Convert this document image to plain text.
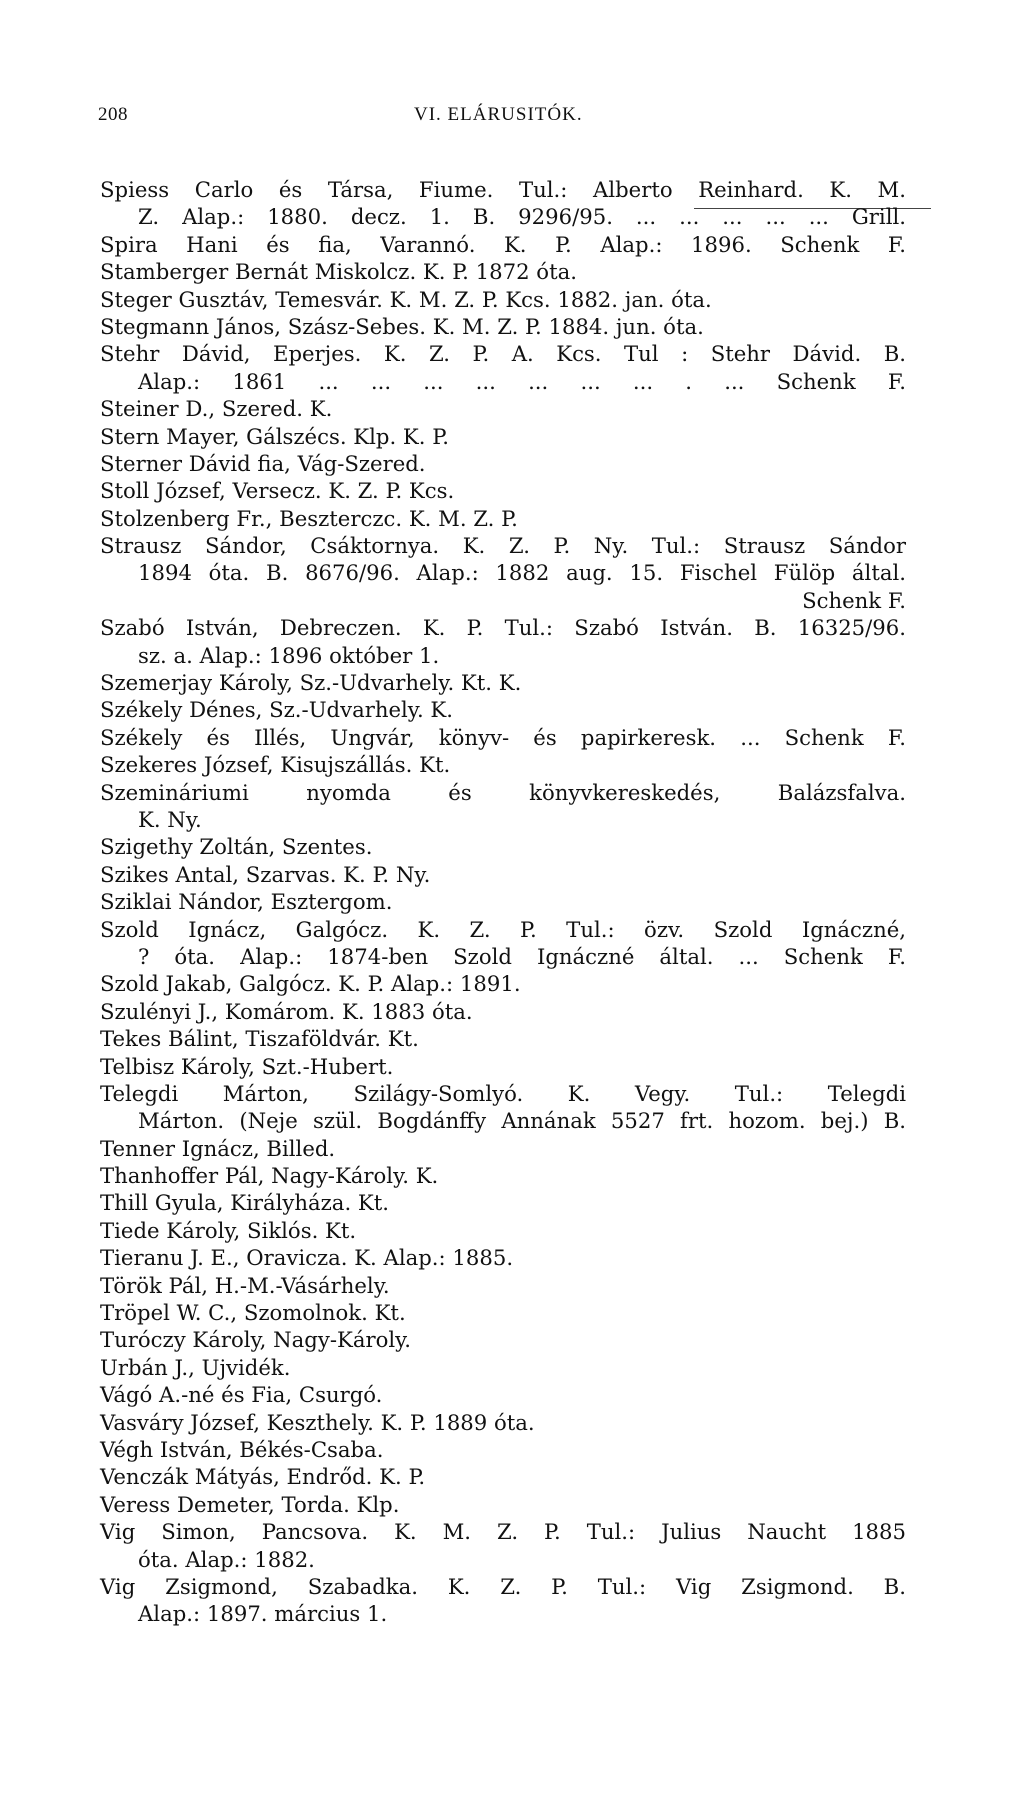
208	VI. ELÁRUSITÓK.
Spiess Carlo és Társa, Fiume. Tul.: Alberto Reinhard. K. M.
Z. Alap.: 1880. decz. 1. B. 9296/95. ... ... ... ... ... Grill.
Spira Hani és fia, Varannó. K. P. Alap.: 1896. Schenk F.
Stamberger Bernát Miskolcz. K. P. 1872 óta.
Steger Gusztáv, Temesvár. K. M. Z. P. Kcs. 1882. jan. óta.
Stegmann János, Szász-Sebes. K. M. Z. P. 1884. jun. óta.
Stehr Dávid, Eperjes. K. Z. P. A. Kcs. Tul : Stehr Dávid. B.
Alap.: 1861 ... ... ... ... ... ... ... . ... Schenk F.
Steiner D., Szered. K.
Stern Mayer, Gálszécs. Klp. K. P.
Sterner Dávid fia, Vág-Szered.
Stoll József, Versecz. K. Z. P. Kcs.
Stolzenberg Fr., Beszterczc. K. M. Z. P.
Strausz Sándor, Csáktornya. K. Z. P. Ny. Tul.: Strausz Sándor
1894 óta. B. 8676/96. Alap.: 1882 aug. 15. Fischel Fülöp által.
Schenk F.
Szabó István, Debreczen. K. P. Tul.: Szabó István. B. 16325/96.
sz. a. Alap.: 1896 október 1.
Szemerjay Károly, Sz.-Udvarhely. Kt. K.
Székely Dénes, Sz.-Udvarhely. K.
Székely és Illés, Ungvár, könyv- és papirkeresk. ... Schenk F.
Szekeres József, Kisujszállás. Kt.
Szemináriumi nyomda és könyvkereskedés, Balázsfalva.
K. Ny.
Szigethy Zoltán, Szentes.
Szikes Antal, Szarvas. K. P. Ny.
Sziklai Nándor, Esztergom.
Szold Ignácz, Galgócz. K. Z. P. Tul.: özv. Szold Ignáczné,
? óta. Alap.: 1874-ben Szold Ignáczné által. ... Schenk F.
Szold Jakab, Galgócz. K. P. Alap.: 1891.
Szulényi J., Komárom. K. 1883 óta.
Tekes Bálint, Tiszaföldvár. Kt.
Telbisz Károly, Szt.-Hubert.
Telegdi Márton, Szilágy-Somlyó. K. Vegy. Tul.: Telegdi
Márton. (Neje szül. Bogdánffy Annának 5527 frt. hozom. bej.) B.
Tenner Ignácz, Billed.
Thanhoffer Pál, Nagy-Károly. K.
Thill Gyula, Királyháza. Kt.
Tiede Károly, Siklós. Kt.
Tieranu J. E., Oravicza. K. Alap.: 1885.
Török Pál, H.-M.-Vásárhely.
Tröpel W. C., Szomolnok. Kt.
Turóczy Károly, Nagy-Károly.
Urbán J., Ujvidék.
Vágó A.-né és Fia, Csurgó.
Vasváry József, Keszthely. K. P. 1889 óta.
Végh István, Békés-Csaba.
Venczák Mátyás, Endrőd. K. P.
Veress Demeter, Torda. Klp.
Vig Simon, Pancsova. K. M. Z. P. Tul.: Julius Naucht 1885
óta. Alap.: 1882.
Vig Zsigmond, Szabadka. K. Z. P. Tul.: Vig Zsigmond. B.
Alap.: 1897. március 1.
